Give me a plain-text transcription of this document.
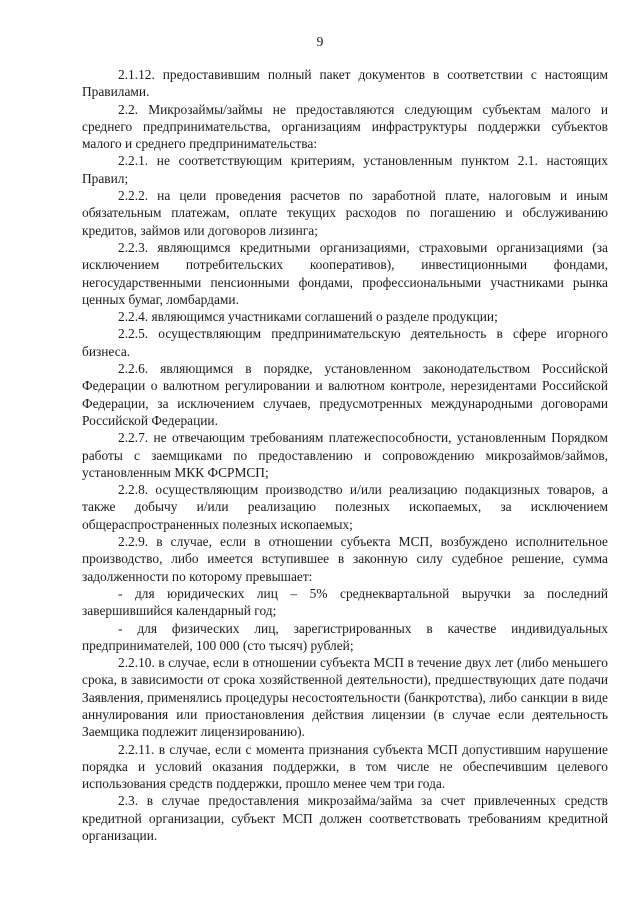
9

2.1.12. предоставившим полный пакет документов в соответствии с настоящим Правилами.

2.2. Микрозаймы/займы не предоставляются следующим субъектам малого и среднего предпринимательства, организациям инфраструктуры поддержки субъектов малого и среднего предпринимательства:

2.2.1. не соответствующим критериям, установленным пунктом 2.1. настоящих Правил;

2.2.2. на цели проведения расчетов по заработной плате, налоговым и иным обязательным платежам, оплате текущих расходов по погашению и обслуживанию кредитов, займов или договоров лизинга;

2.2.3. являющимся кредитными организациями, страховыми организациями (за исключением потребительских кооперативов), инвестиционными фондами, негосударственными пенсионными фондами, профессиональными участниками рынка ценных бумаг, ломбардами.

2.2.4. являющимся участниками соглашений о разделе продукции;

2.2.5. осуществляющим предпринимательскую деятельность в сфере игорного бизнеса.

2.2.6. являющимся в порядке, установленном законодательством Российской Федерации о валютном регулировании и валютном контроле, нерезидентами Российской Федерации, за исключением случаев, предусмотренных международными договорами Российской Федерации.

2.2.7. не отвечающим требованиям платежеспособности, установленным Порядком работы с заемщиками по предоставлению и сопровождению микрозаймов/займов, установленным МКК ФСРМСП;

2.2.8. осуществляющим производство и/или реализацию подакцизных товаров, а также добычу и/или реализацию полезных ископаемых, за исключением общераспространенных полезных ископаемых;

2.2.9. в случае, если в отношении субъекта МСП, возбуждено исполнительное производство, либо имеется вступившее в законную силу судебное решение, сумма задолженности по которому превышает:

- для юридических лиц – 5% среднеквартальной выручки за последний завершившийся календарный год;

- для физических лиц, зарегистрированных в качестве индивидуальных предпринимателей, 100 000 (сто тысяч) рублей;

2.2.10. в случае, если в отношении субъекта МСП в течение двух лет (либо меньшего срока, в зависимости от срока хозяйственной деятельности), предшествующих дате подачи Заявления, применялись процедуры несостоятельности (банкротства), либо санкции в виде аннулирования или приостановления действия лицензии (в случае если деятельность Заемщика подлежит лицензированию).

2.2.11. в случае, если с момента признания субъекта МСП допустившим нарушение порядка и условий оказания поддержки, в том числе не обеспечившим целевого использования средств поддержки, прошло менее чем три года.

2.3. в случае предоставления микрозайма/займа за счет привлеченных средств кредитной организации, субъект МСП должен соответствовать требованиям кредитной организации.
